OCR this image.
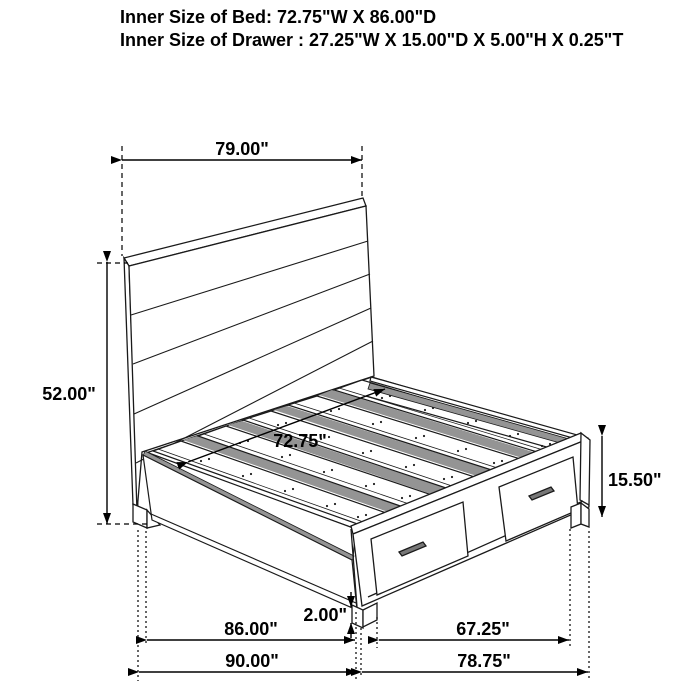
Inner Size of Bed: 72.75"W X 86.00"D
Inner Size of Drawer : 27.25"W X 15.00"D X 5.00"H X 0.25"T
79.00"
52.00"
72.75"
15.50"
2.00"
86.00"	67.25"
90.00"	78.75"
